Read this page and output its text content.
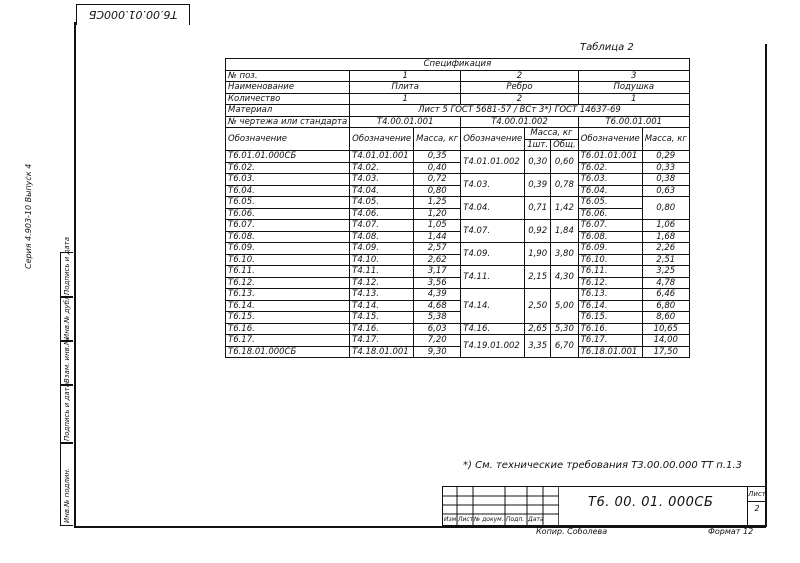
Т6.00.01.000СБ
Серия 4.903-10 Выпуск 4
Инв.№ подлин.
Подпись и дата
Взам. инв.№
Инв.№ дубл.
Подпись и дата
Таблица 2
Спецификация							
№ поз.	1		2			3	
Наименование	Плита		Ребро			Подушка	
Количество	1		2			1	
Материал	Лист 5 ГОСТ 5681-57 / ВСт 3*) ГОСТ 14637-69						
№ чертежа или стандарта	Т4.00.01.001		Т4.00.01.002			Т6.00.01.001	
Обозначение	Обозначение	Масса, кг	Обозначение	Масса, кг		Обозначение	Масса, кг
				1шт.	Общ.		
Т6.01.01.000СБ	Т4.01.01.001	0,35	Т4.01.01.002	0,30	0,60	Т6.01.01.001	0,29
Т6.02.	Т4.02.	0,40				Т6.02.	0,33
Т6.03.	Т4.03.	0,72	Т4.03.	0,39	0,78	Т6.03.	0,38
Т6.04.	Т4.04.	0,80				Т6.04.	0,63
Т6.05.	Т4.05.	1,25	Т4.04.	0,71	1,42	Т6.05.	0,80
Т6.06.	Т4.06.	1,20				Т6.06.	
Т6.07.	Т4.07.	1,05	Т4.07.	0,92	1,84	Т6.07.	1,06
Т6.08.	Т4.08.	1,44				Т6.08.	1,68
Т6.09.	Т4.09.	2,57	Т4.09.	1,90	3,80	Т6.09.	2,26
Т6.10.	Т4.10.	2,62				Т6.10.	2,51
Т6.11.	Т4.11.	3,17	Т4.11.	2,15	4,30	Т6.11.	3,25
Т6.12.	Т4.12.	3,56				Т6.12.	4,78
Т6.13.	Т4.13.	4,39	Т4.14.	2,50	5,00	Т6.13.	6,46
Т6.14.	Т4.14.	4,68				Т6.14.	6,80
Т6.15.	Т4.15.	5,38				Т6.15.	8,60
Т6.16.	Т4.16.	6,03	Т4.16.	2,65	5,30	Т6.16.	10,65
Т6.17.	Т4.17.	7,20	Т4.19.01.002	3,35	6,70	Т6.17.	14,00
Т6.18.01.000СБ	Т4.18.01.001	9,30				Т6.18.01.001	17,50
*) См. технические требования Т3.00.00.000 ТТ п.1.3
Изм Лист № докум. Подп. Дата
Т6. 00. 01. 000СБ
Лист
2
Копир. Соболева	Формат 12
